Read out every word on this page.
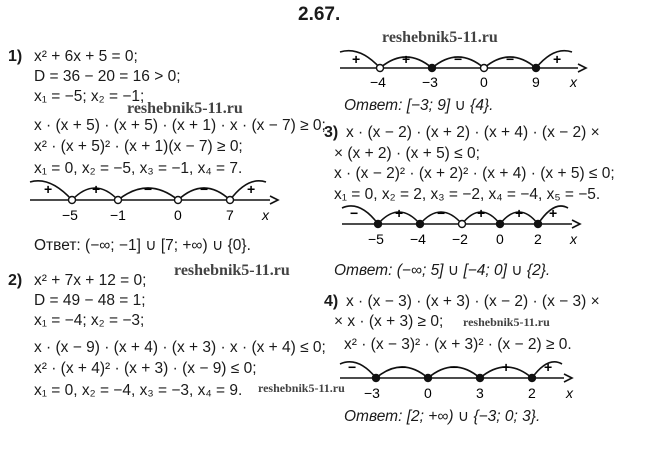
2.67.
reshebnik5-11.ru
reshebnik5-11.ru
reshebnik5-11.ru
reshebnik5-11.ru
reshebnik5-11.ru
1) x² + 6x + 5 = 0;
D = 36 − 20 = 16 > 0;
x₁ = −5; x₂ = −1;
x · (x + 5) · (x + 5) · (x + 1) · x · (x − 7) ≥ 0;
x² · (x + 5)² · (x + 1)(x − 7) ≥ 0;
x₁ = 0, x₂ = −5, x₃ = −1, x₄ = 7.
+	+	−	−	+
−5 −1	0	7 x
Ответ: (−∞; −1] ∪ [7; +∞) ∪ {0}.
2) x² + 7x + 12 = 0;
D = 49 − 48 = 1;
x₁ = −4; x₂ = −3;
x · (x − 9) · (x + 4) · (x + 3) · x · (x + 4) ≤ 0;
x² · (x + 4)² · (x + 3) · (x − 9) ≤ 0;
x₁ = 0, x₂ = −4, x₃ = −3, x₄ = 9.
+	+	−	−	+
−4	−3	0	9 x
Ответ: [−3; 9] ∪ {4}.
3) x · (x − 2) · (x + 2) · (x + 4) · (x − 2) ×
× (x + 2) · (x + 5) ≤ 0;
x · (x − 2)² · (x + 2)² · (x + 4) · (x + 5) ≤ 0;
x₁ = 0, x₂ = 2, x₃ = −2, x₄ = −4, x₅ = −5.
−	+ − + + +
−5 −4 −2 0 2 x
Ответ: (−∞; 5] ∪ [−4; 0] ∪ {2}.
4) x · (x − 3) · (x + 3) · (x − 2) · (x − 3) ×
× x · (x + 3) ≥ 0;
x² · (x − 3)² · (x + 3)² · (x − 2) ≥ 0.
−	−	−	+ +
−3	0	3	2 x
Ответ: [2; +∞) ∪ {−3; 0; 3}.
